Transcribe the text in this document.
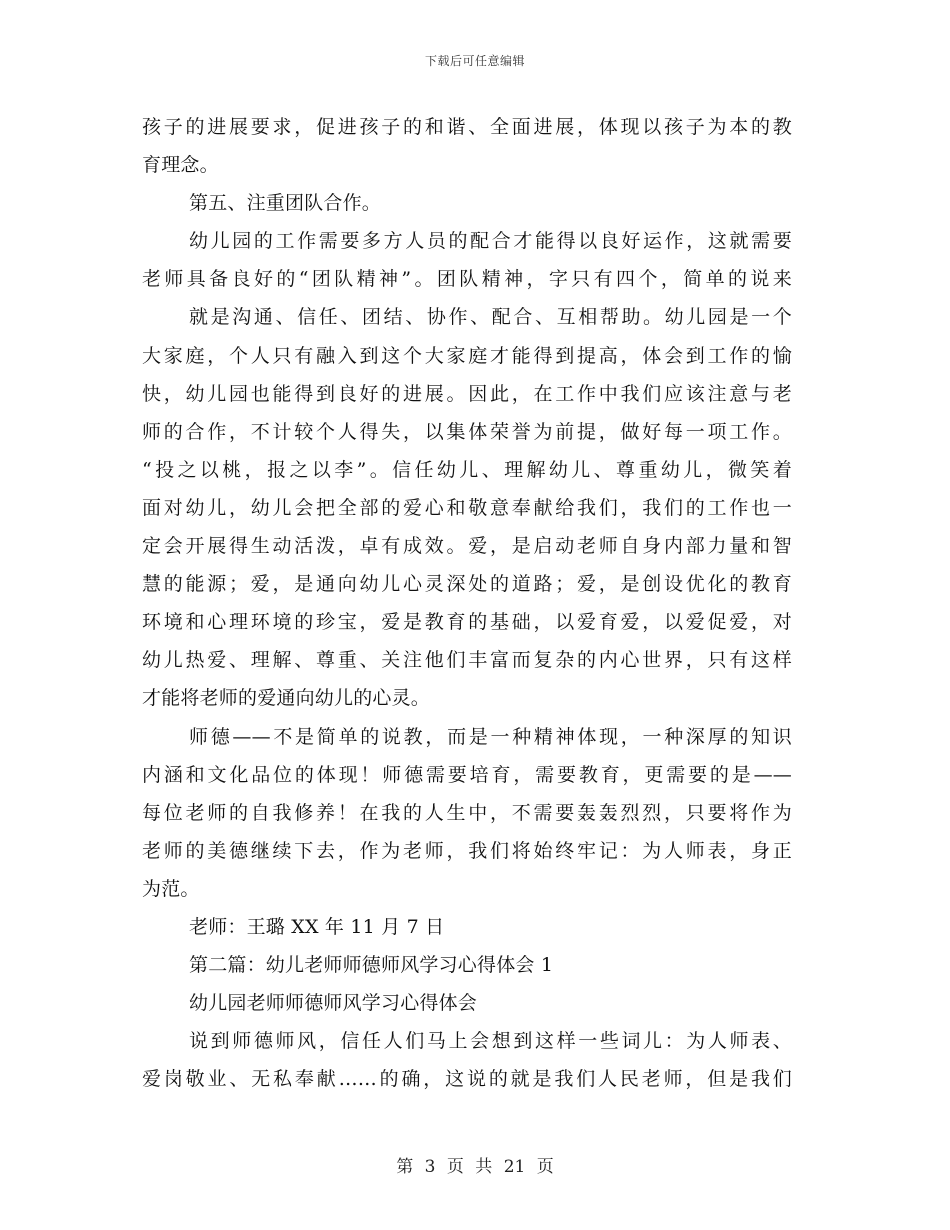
下载后可任意编辑
孩子的进展要求，促进孩子的和谐、全面进展，体现以孩子为本的教
育理念。
第五、注重团队合作。
幼儿园的工作需要多方人员的配合才能得以良好运作，这就需要
老师具备良好的“团队精神”。团队精神，字只有四个，简单的说来
就是沟通、信任、团结、协作、配合、互相帮助。幼儿园是一个
大家庭，个人只有融入到这个大家庭才能得到提高，体会到工作的愉
快，幼儿园也能得到良好的进展。因此，在工作中我们应该注意与老
师的合作，不计较个人得失，以集体荣誉为前提，做好每一项工作。
“投之以桃，报之以李”。信任幼儿、理解幼儿、尊重幼儿，微笑着
面对幼儿，幼儿会把全部的爱心和敬意奉献给我们，我们的工作也一
定会开展得生动活泼，卓有成效。爱，是启动老师自身内部力量和智
慧的能源；爱，是通向幼儿心灵深处的道路；爱，是创设优化的教育
环境和心理环境的珍宝，爱是教育的基础，以爱育爱，以爱促爱，对
幼儿热爱、理解、尊重、关注他们丰富而复杂的内心世界，只有这样
才能将老师的爱通向幼儿的心灵。
师德——不是简单的说教，而是一种精神体现，一种深厚的知识
内涵和文化品位的体现！师德需要培育，需要教育，更需要的是——
每位老师的自我修养！在我的人生中，不需要轰轰烈烈，只要将作为
老师的美德继续下去，作为老师，我们将始终牢记：为人师表，身正
为范。
老师：王璐 XX 年 11 月 7 日
第二篇：幼儿老师师德师风学习心得体会 1
幼儿园老师师德师风学习心得体会
说到师德师风，信任人们马上会想到这样一些词儿：为人师表、
爱岗敬业、无私奉献……的确，这说的就是我们人民老师，但是我们
第 3 页 共 21 页
